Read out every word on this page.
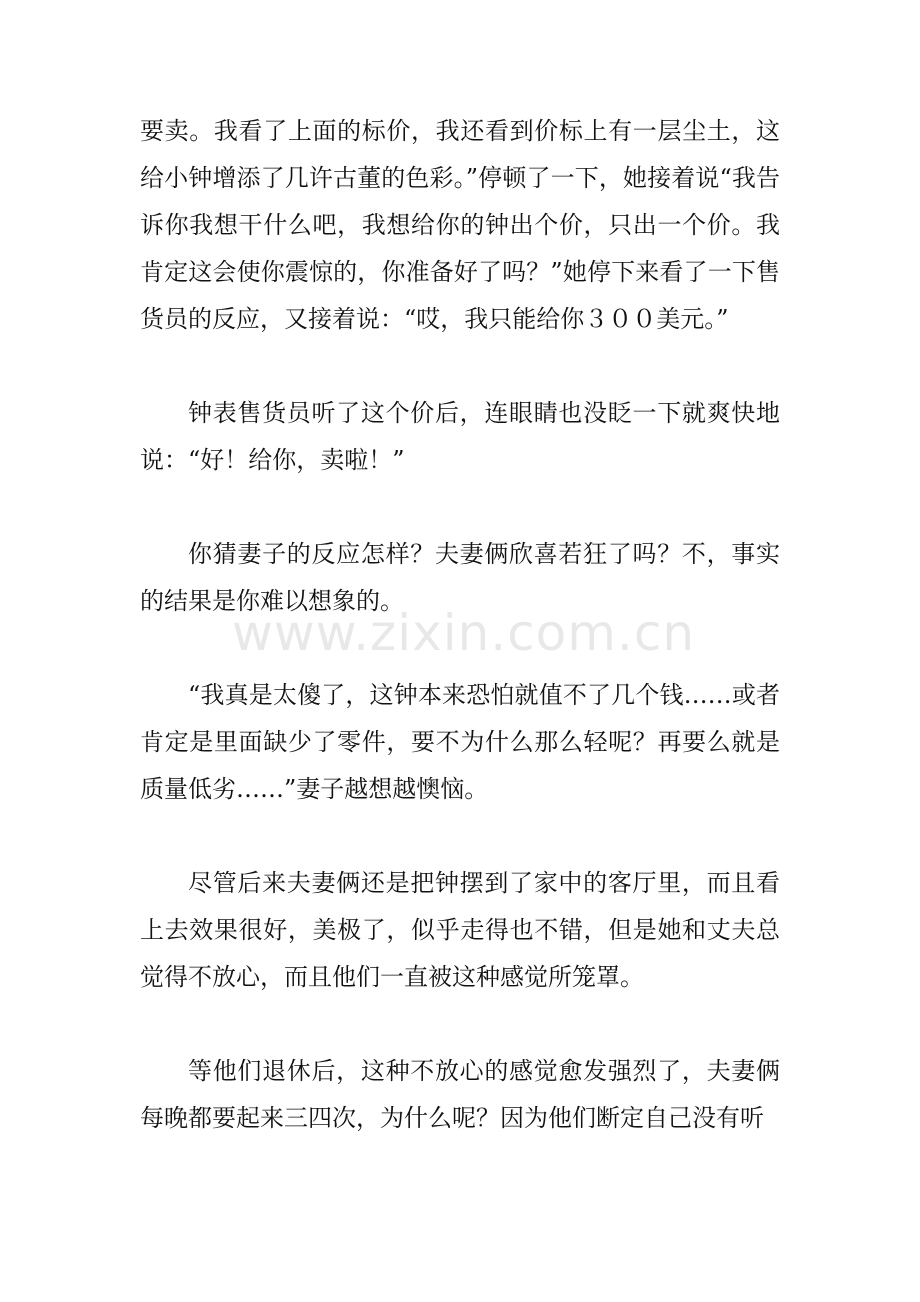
要卖。我看了上面的标价，我还看到价标上有一层尘土，这给小钟增添了几许古董的色彩。”停顿了一下，她接着说“我告诉你我想干什么吧，我想给你的钟出个价，只出一个价。我肯定这会使你震惊的，你准备好了吗？”她停下来看了一下售货员的反应，又接着说：“哎，我只能给你３００美元。”

钟表售货员听了这个价后，连眼睛也没眨一下就爽快地说：“好！给你，卖啦！”

你猜妻子的反应怎样？夫妻俩欣喜若狂了吗？不，事实的结果是你难以想象的。

“我真是太傻了，这钟本来恐怕就值不了几个钱……或者肯定是里面缺少了零件，要不为什么那么轻呢？再要么就是质量低劣……”妻子越想越懊恼。

尽管后来夫妻俩还是把钟摆到了家中的客厅里，而且看上去效果很好，美极了，似乎走得也不错，但是她和丈夫总觉得不放心，而且他们一直被这种感觉所笼罩。

等他们退休后，这种不放心的感觉愈发强烈了，夫妻俩每晚都要起来三四次，为什么呢？因为他们断定自己没有听

www.zixin.com.cn
